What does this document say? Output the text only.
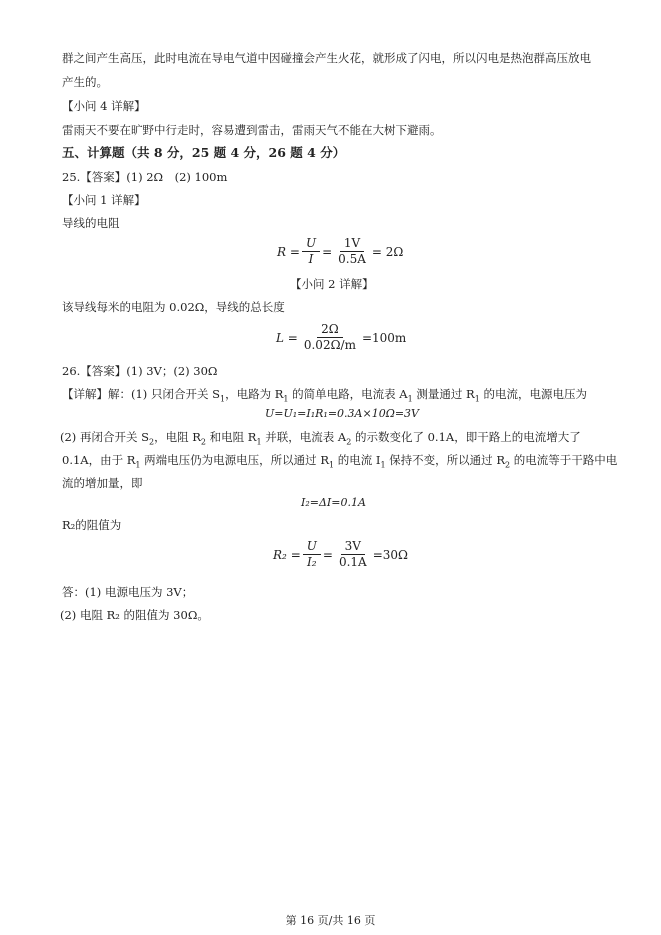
群之间产生高压，此时电流在导电气道中因碰撞会产生火花，就形成了闪电，所以闪电是热泡群高压放电
产生的。
【小问 4 详解】
雷雨天不要在旷野中行走时，容易遭到雷击，雷雨天气不能在大树下避雨。
五、计算题（共 8 分，25 题 4 分，26 题 4 分）
25.【答案】(1) 2Ω　(2) 100m
【小问 1 详解】
导线的电阻
R
= $\frac{U}{I} = \frac{1V}{0.5A} = 2\Omega$
【小问 2 详解】
该导线每米的电阻为 0.02Ω，导线的总长度
L
= $\frac{2\Omega}{0.02\Omega/m} =100m$
26.【答案】(1) 3V；(2) 30Ω
【详解】解：(1) 只闭合开关 $S_1$，电路为 $R_1$ 的简单电路，电流表 $A_1$ 测量通过 $R_1$ 的电流，电源电压为
U=U₁=I₁R₁=0.3A×10Ω=3V
(2) 再闭合开关 $S_2$，电阻 $R_2$ 和电阻 $R_1$ 并联，电流表 $A_2$ 的示数变化了 0.1A，即干路上的电流增大了
0.1A，由于 $R_1$ 两端电压仍为电源电压，所以通过 $R_1$ 的电流 $I_1$ 保持不变，所以通过 $R_2$ 的电流等于干路中电
流的增加量，即
I₂=ΔI=0.1A
R₂的阻值为
R₂
= $\frac{U}{\text{I₂}} = \frac{3V}{0.1A} =30\Omega$
答：(1) 电源电压为 3V；
(2) 电阻 R₂ 的阻值为 30Ω。
第 16 页/共 16 页
